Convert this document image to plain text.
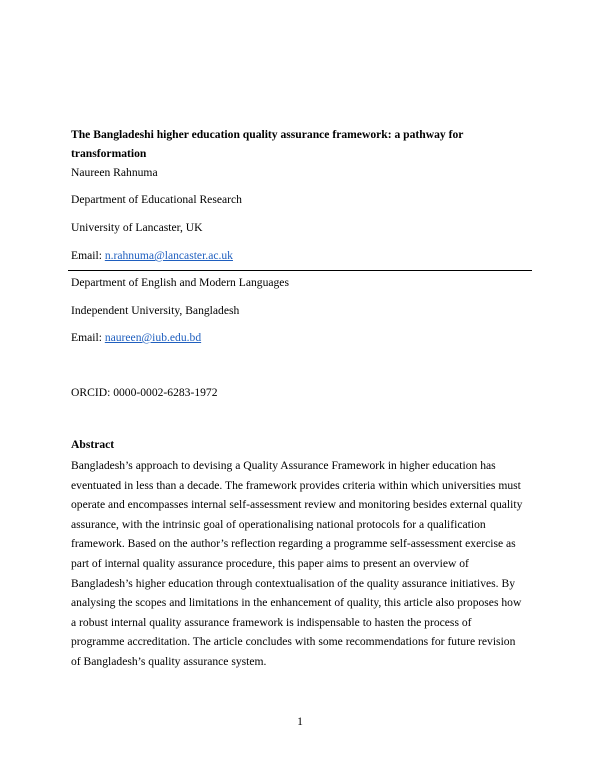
The Bangladeshi higher education quality assurance framework: a pathway for transformation

Naureen Rahnuma

Department of Educational Research

University of Lancaster, UK

Email: n.rahnuma@lancaster.ac.uk

Department of English and Modern Languages

Independent University, Bangladesh

Email: naureen@iub.edu.bd

ORCID: 0000-0002-6283-1972

Abstract

Bangladesh’s approach to devising a Quality Assurance Framework in higher education has
eventuated in less than a decade. The framework provides criteria within which universities must
operate and encompasses internal self-assessment review and monitoring besides external quality
assurance, with the intrinsic goal of operationalising national protocols for a qualification
framework. Based on the author’s reflection regarding a programme self-assessment exercise as
part of internal quality assurance procedure, this paper aims to present an overview of
Bangladesh’s higher education through contextualisation of the quality assurance initiatives. By
analysing the scopes and limitations in the enhancement of quality, this article also proposes how
a robust internal quality assurance framework is indispensable to hasten the process of
programme accreditation. The article concludes with some recommendations for future revision
of Bangladesh’s quality assurance system.

1
